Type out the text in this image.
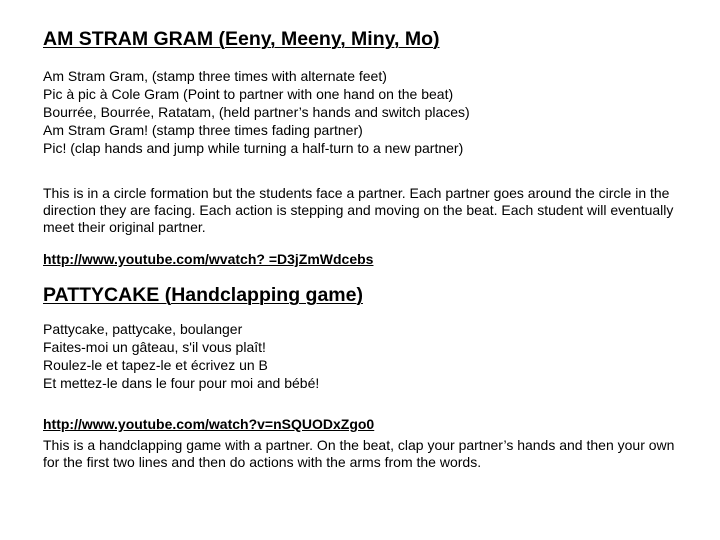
AM STRAM GRAM (Eeny, Meeny, Miny, Mo)

Am Stram Gram, (stamp three times with alternate feet)

Pic à pic à Cole Gram (Point to partner with one hand on the beat)

Bourrée, Bourrée, Ratatam, (held partner’s hands and switch places)

Am Stram Gram! (stamp three times fading partner)

Pic! (clap hands and jump while turning a half-turn to a new partner)

This is in a circle formation but the students face a partner. Each partner goes around the circle in the direction they are facing. Each action is stepping and moving on the beat. Each student will eventually meet their original partner.

http://www.youtube.com/wvatch? =D3jZmWdcebs
PATTYCAKE (Handclapping game)

Pattycake, pattycake, boulanger

Faites-moi un gâteau, s'il vous plaît!

Roulez-le et tapez-le et écrivez un B

Et mettez-le dans le four pour moi and bébé!

http://www.youtube.com/watch?v=nSQUODxZgo0

This is a handclapping game with a partner. On the beat, clap your partner’s hands and then your own for the first two lines and then do actions with the arms from the words.
